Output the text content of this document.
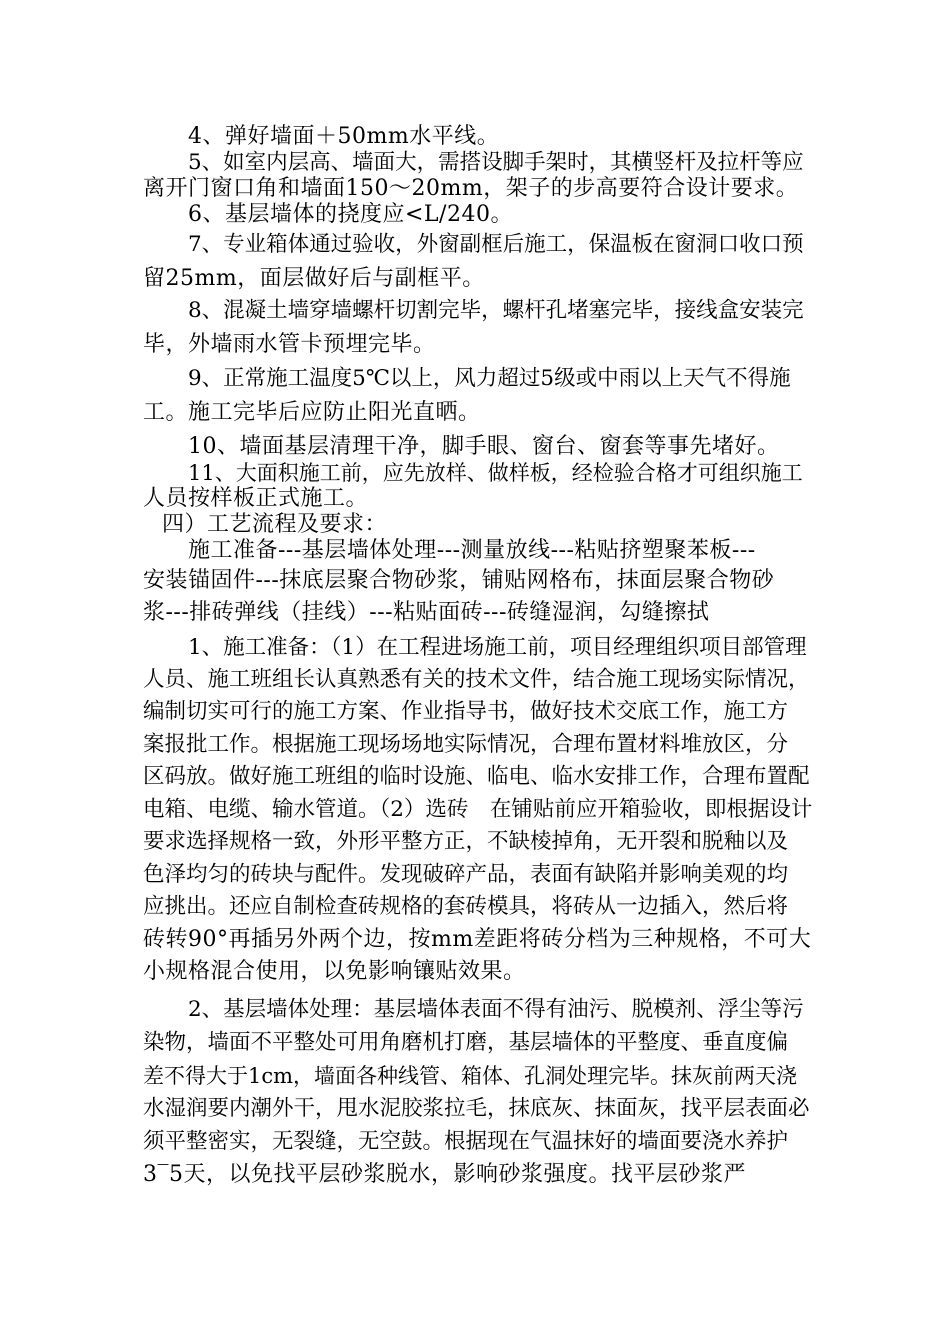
4、弹好墙面＋50mm水平线。
5、如室内层高、墙面大，需搭设脚手架时，其横竖杆及拉杆等应
离开门窗口角和墙面150～20mm，架子的步高要符合设计要求。
6、基层墙体的挠度应<L/240。
7、专业箱体通过验收，外窗副框后施工，保温板在窗洞口收口预
留25mm，面层做好后与副框平。
8、混凝土墙穿墙螺杆切割完毕，螺杆孔堵塞完毕，接线盒安装完
毕，外墙雨水管卡预埋完毕。
9、正常施工温度5℃以上，风力超过5级或中雨以上天气不得施
工。施工完毕后应防止阳光直晒。
10、墙面基层清理干净，脚手眼、窗台、窗套等事先堵好。
11、大面积施工前，应先放样、做样板，经检验合格才可组织施工
人员按样板正式施工。
四）工艺流程及要求：
施工准备---基层墙体处理---测量放线---粘贴挤塑聚苯板---
安装锚固件---抹底层聚合物砂浆，铺贴网格布，抹面层聚合物砂
浆---排砖弹线（挂线）---粘贴面砖---砖缝湿润，勾缝擦拭
1、施工准备：（1）在工程进场施工前，项目经理组织项目部管理
人员、施工班组长认真熟悉有关的技术文件，结合施工现场实际情况，
编制切实可行的施工方案、作业指导书，做好技术交底工作，施工方
案报批工作。根据施工现场场地实际情况，合理布置材料堆放区，分
区码放。做好施工班组的临时设施、临电、临水安排工作，合理布置配
电箱、电缆、输水管道。（2）选砖　在铺贴前应开箱验收，即根据设计
要求选择规格一致，外形平整方正，不缺棱掉角，无开裂和脱釉以及
色泽均匀的砖块与配件。发现破碎产品，表面有缺陷并影响美观的均
应挑出。还应自制检查砖规格的套砖模具，将砖从一边插入，然后将
砖转90°再插另外两个边，按mm差距将砖分档为三种规格，不可大
小规格混合使用，以免影响镶贴效果。
2、基层墙体处理：基层墙体表面不得有油污、脱模剂、浮尘等污
染物，墙面不平整处可用角磨机打磨，基层墙体的平整度、垂直度偏
差不得大于1cm，墙面各种线管、箱体、孔洞处理完毕。抹灰前两天浇
水湿润要内潮外干，甩水泥胶浆拉毛，抹底灰、抹面灰，找平层表面必
须平整密实，无裂缝，无空鼓。根据现在气温抹好的墙面要浇水养护
3‾5天，以免找平层砂浆脱水，影响砂浆强度。找平层砂浆严
